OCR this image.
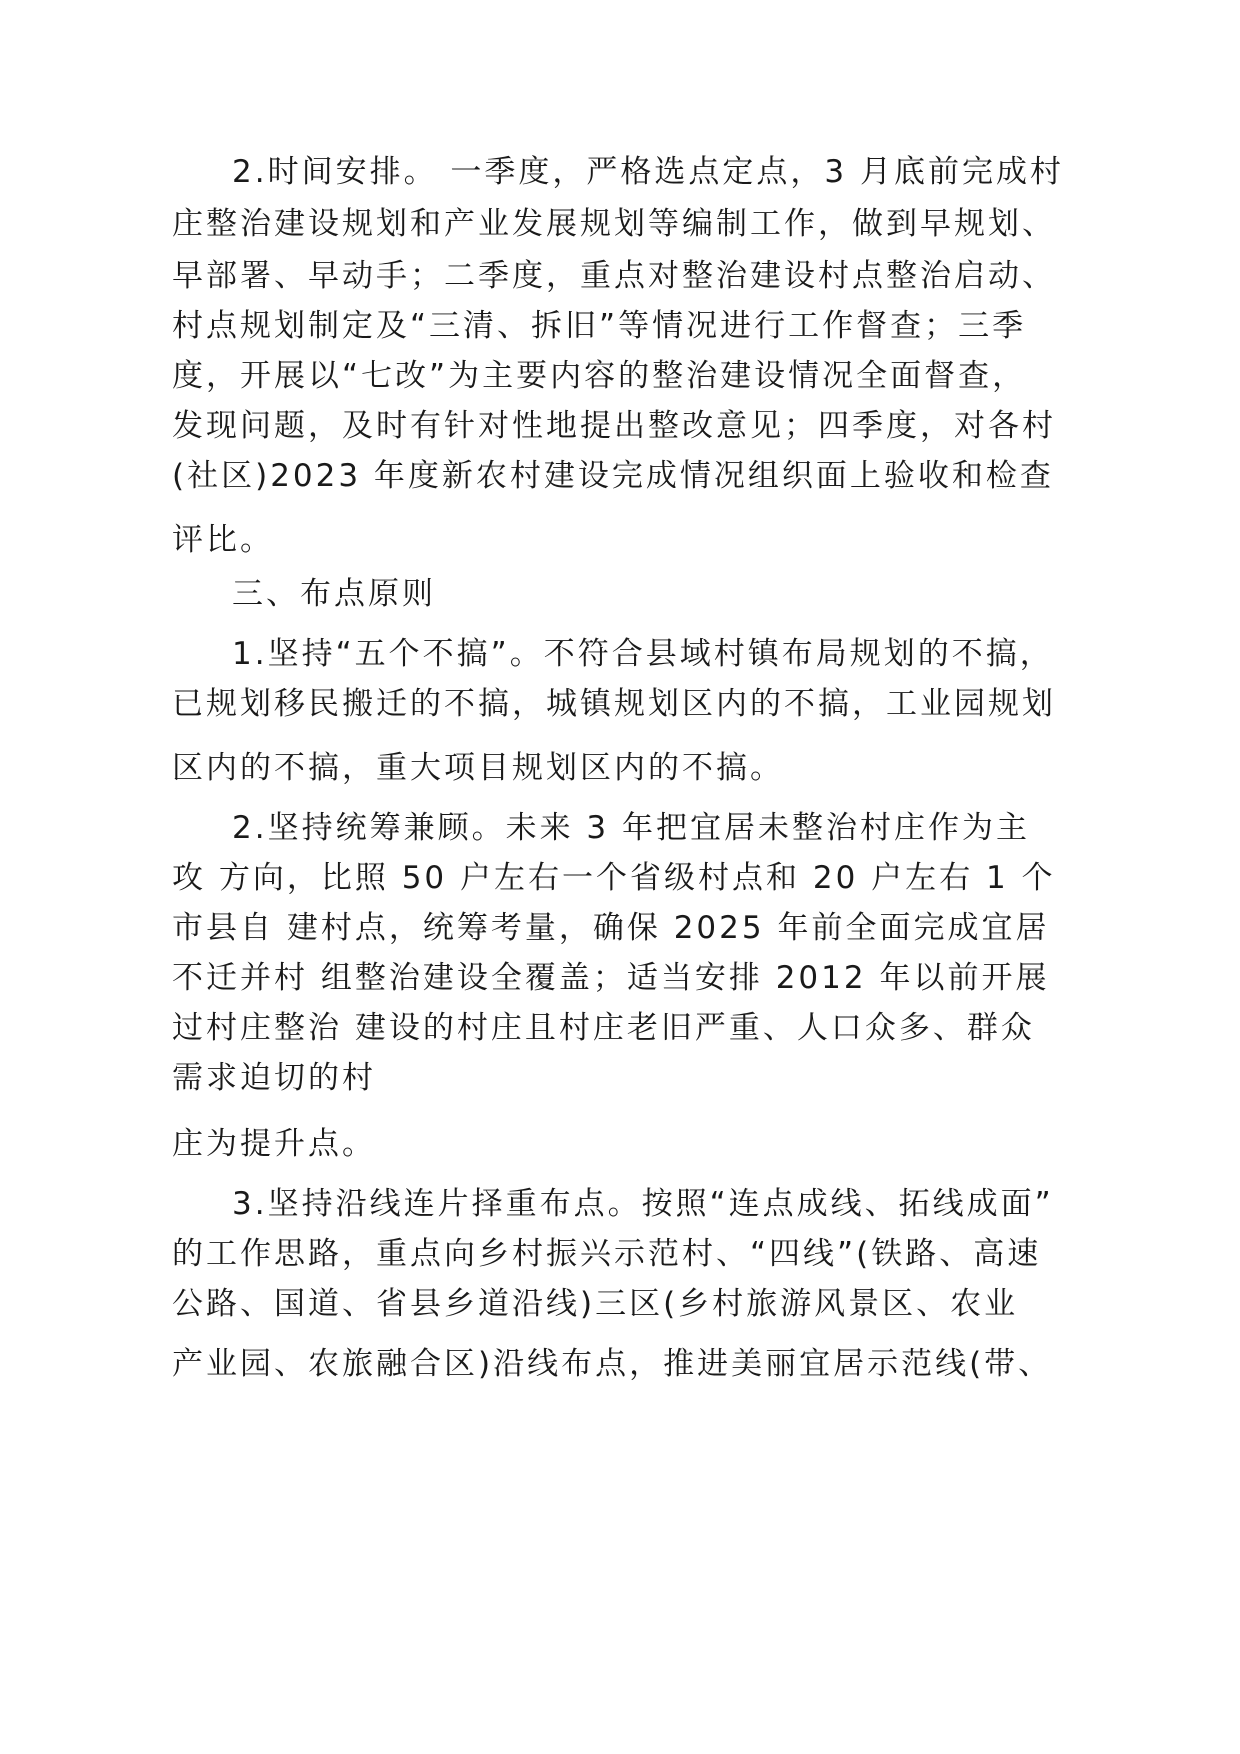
2.时间安排。 一季度，严格选点定点，3 月底前完成村
庄整治建设规划和产业发展规划等编制工作，做到早规划、
早部署、早动手；二季度，重点对整治建设村点整治启动、
村点规划制定及“三清、拆旧”等情况进行工作督查；三季
度，开展以“七改”为主要内容的整治建设情况全面督查，
发现问题，及时有针对性地提出整改意见；四季度，对各村
(社区)2023 年度新农村建设完成情况组织面上验收和检查
评比。
三、布点原则
1.坚持“五个不搞”。不符合县域村镇布局规划的不搞，
已规划移民搬迁的不搞，城镇规划区内的不搞，工业园规划
区内的不搞，重大项目规划区内的不搞。
2.坚持统筹兼顾。未来 3 年把宜居未整治村庄作为主
攻 方向，比照 50 户左右一个省级村点和 20 户左右 1 个
市县自 建村点，统筹考量，确保 2025 年前全面完成宜居
不迁并村 组整治建设全覆盖；适当安排 2012 年以前开展
过村庄整治 建设的村庄且村庄老旧严重、人口众多、群众
需求迫切的村
庄为提升点。
3.坚持沿线连片择重布点。按照“连点成线、拓线成面”
的工作思路，重点向乡村振兴示范村、“四线”(铁路、高速
公路、国道、省县乡道沿线)三区(乡村旅游风景区、农业
产业园、农旅融合区)沿线布点，推进美丽宜居示范线(带、
